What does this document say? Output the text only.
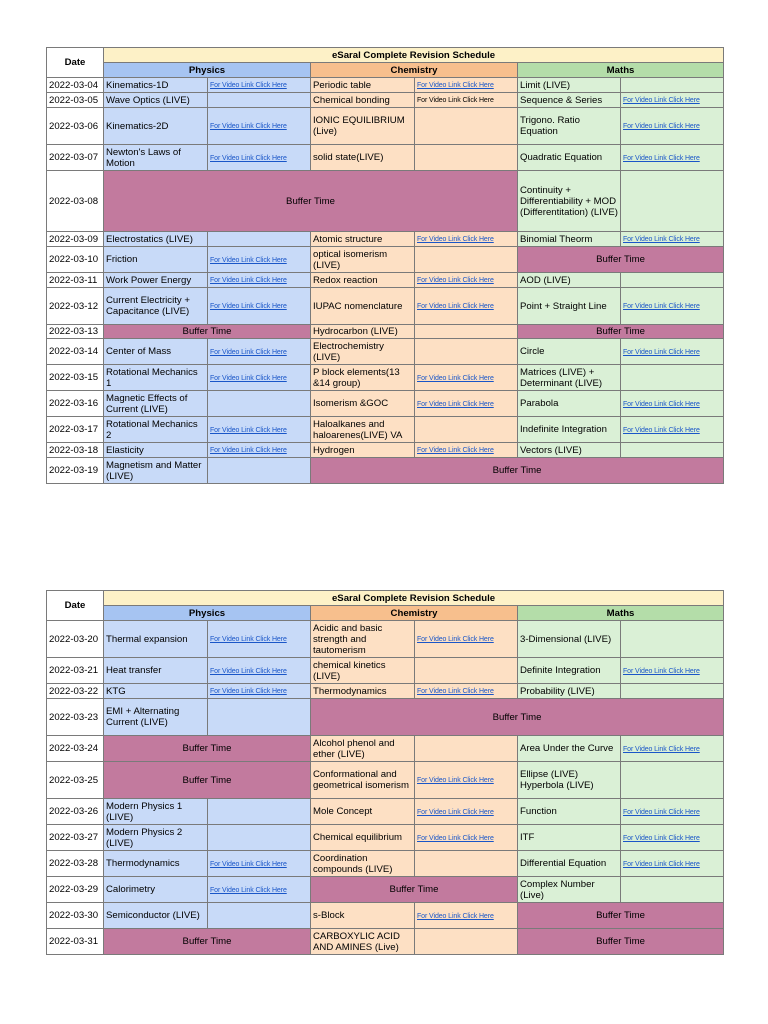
Date	eSaral Complete Revision Schedule					
	Physics		Chemistry		Maths	
2022-03-04	Kinematics-1D	For Video Link Click Here	Periodic table	For Video Link Click Here	Limit (LIVE)	
2022-03-05	Wave Optics (LIVE)		Chemical bonding	For Video Link Click Here	Sequence & Series	For Video Link Click Here
2022-03-06	Kinematics-2D	For Video Link Click Here	IONIC EQUILIBRIUM (Live)		Trigono. Ratio Equation	For Video Link Click Here
2022-03-07	Newton's Laws of Motion	For Video Link Click Here	solid state(LIVE)		Quadratic Equation	For Video Link Click Here
2022-03-08	Buffer Time				Continuity + Differentiability + MOD (Differentitation) (LIVE)	
2022-03-09	Electrostatics (LIVE)		Atomic structure	For Video Link Click Here	Binomial Theorm	For Video Link Click Here
2022-03-10	Friction	For Video Link Click Here	optical isomerism (LIVE)		Buffer Time	
2022-03-11	Work Power Energy	For Video Link Click Here	Redox reaction	For Video Link Click Here	AOD (LIVE)	
2022-03-12	Current Electricity + Capacitance (LIVE)	For Video Link Click Here	IUPAC nomenclature	For Video Link Click Here	Point + Straight Line	For Video Link Click Here
2022-03-13	Buffer Time		Hydrocarbon (LIVE)		Buffer Time	
2022-03-14	Center of Mass	For Video Link Click Here	Electrochemistry (LIVE)		Circle	For Video Link Click Here
2022-03-15	Rotational Mechanics 1	For Video Link Click Here	P block elements(13 &14 group)	For Video Link Click Here	Matrices (LIVE) + Determinant (LIVE)	
2022-03-16	Magnetic Effects of Current (LIVE)		Isomerism &GOC	For Video Link Click Here	Parabola	For Video Link Click Here
2022-03-17	Rotational Mechanics 2	For Video Link Click Here	Haloalkanes and haloarenes(LIVE) VA		Indefinite Integration	For Video Link Click Here
2022-03-18	Elasticity	For Video Link Click Here	Hydrogen	For Video Link Click Here	Vectors (LIVE)	
2022-03-19	Magnetism and Matter (LIVE)		Buffer Time			
Date	eSaral Complete Revision Schedule					
	Physics		Chemistry		Maths	
2022-03-20	Thermal expansion	For Video Link Click Here	Acidic and basic strength and tautomerism	For Video Link Click Here	3-Dimensional (LIVE)	
2022-03-21	Heat transfer	For Video Link Click Here	chemical kinetics (LIVE)		Definite Integration	For Video Link Click Here
2022-03-22	KTG	For Video Link Click Here	Thermodynamics	For Video Link Click Here	Probability (LIVE)	
2022-03-23	EMI + Alternating Current (LIVE)		Buffer Time			
2022-03-24	Buffer Time		Alcohol phenol and ether (LIVE)		Area Under the Curve	For Video Link Click Here
2022-03-25	Buffer Time		Conformational and geometrical isomerism	For Video Link Click Here	Ellipse (LIVE) Hyperbola (LIVE)	
2022-03-26	Modern Physics 1 (LIVE)		Mole Concept	For Video Link Click Here	Function	For Video Link Click Here
2022-03-27	Modern Physics 2 (LIVE)		Chemical equilibrium	For Video Link Click Here	ITF	For Video Link Click Here
2022-03-28	Thermodynamics	For Video Link Click Here	Coordination compounds (LIVE)		Differential Equation	For Video Link Click Here
2022-03-29	Calorimetry	For Video Link Click Here	Buffer Time		Complex Number (Live)	
2022-03-30	Semiconductor (LIVE)		s-Block	For Video Link Click Here	Buffer Time	
2022-03-31	Buffer Time		CARBOXYLIC ACID AND AMINES (Live)		Buffer Time	
